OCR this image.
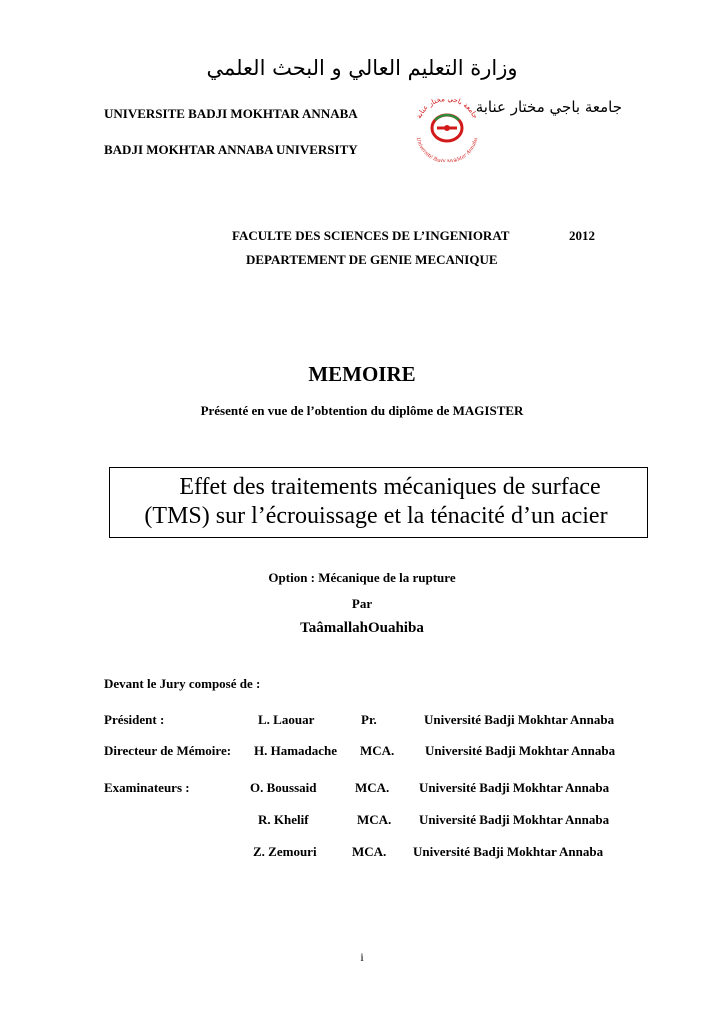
وزارة التعليم العالي و البحث العلمي
UNIVERSITE BADJI MOKHTAR ANNABA
BADJI MOKHTAR ANNABA UNIVERSITY
جامعة باجي مختار عنابة
جامعة باجي مختار عنابة
Université Badji Mokhtar Annaba
FACULTE DES SCIENCES DE L’INGENIORAT	2012
DEPARTEMENT DE GENIE MECANIQUE
MEMOIRE
Présenté en vue de l’obtention du diplôme de MAGISTER
Effet des traitements mécaniques de surface
(TMS) sur l’écrouissage et la ténacité d’un acier
Option : Mécanique de la rupture
Par
TaâmallahOuahiba
Devant le Jury composé de :
Président :	L. Laouar	Pr.	Université Badji Mokhtar Annaba
Directeur de Mémoire: H. Hamadache MCA. Université Badji Mokhtar Annaba
Examinateurs :	O. Boussaid	MCA. Université Badji Mokhtar Annaba
R. Khelif	MCA. Université Badji Mokhtar Annaba
Z. Zemouri	MCA. Université Badji Mokhtar Annaba
i
